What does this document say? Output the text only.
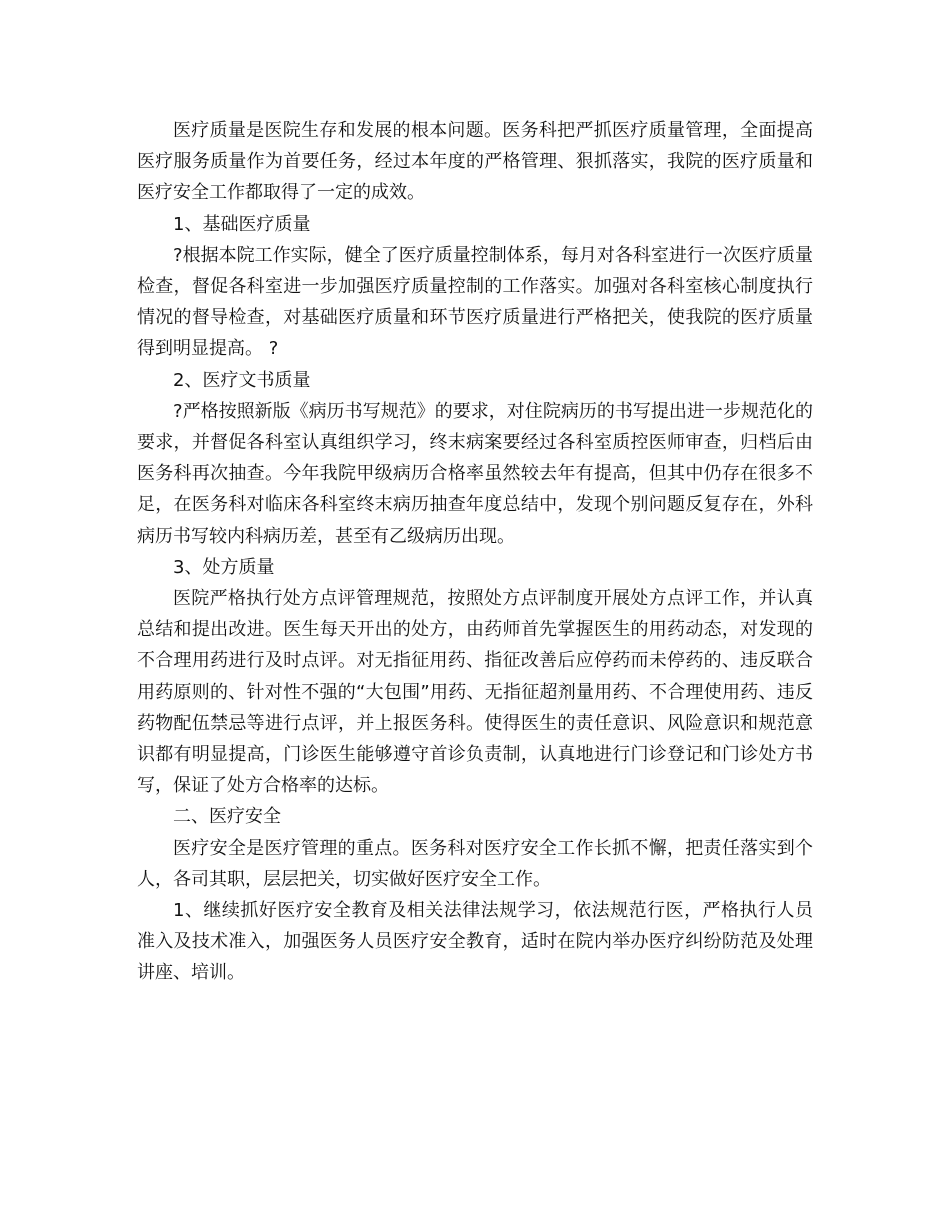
医疗质量是医院生存和发展的根本问题。医务科把严抓医疗质量管理，全面提高医疗服务质量作为首要任务，经过本年度的严格管理、狠抓落实，我院的医疗质量和医疗安全工作都取得了一定的成效。

1、基础医疗质量

?根据本院工作实际，健全了医疗质量控制体系，每月对各科室进行一次医疗质量检查，督促各科室进一步加强医疗质量控制的工作落实。加强对各科室核心制度执行情况的督导检查，对基础医疗质量和环节医疗质量进行严格把关，使我院的医疗质量得到明显提高。 ?

2、医疗文书质量

?严格按照新版《病历书写规范》的要求，对住院病历的书写提出进一步规范化的要求，并督促各科室认真组织学习，终末病案要经过各科室质控医师审查，归档后由医务科再次抽查。今年我院甲级病历合格率虽然较去年有提高，但其中仍存在很多不足，在医务科对临床各科室终末病历抽查年度总结中，发现个别问题反复存在，外科病历书写较内科病历差，甚至有乙级病历出现。

3、处方质量

医院严格执行处方点评管理规范，按照处方点评制度开展处方点评工作，并认真总结和提出改进。医生每天开出的处方，由药师首先掌握医生的用药动态，对发现的不合理用药进行及时点评。对无指征用药、指征改善后应停药而未停药的、违反联合用药原则的、针对性不强的“大包围”用药、无指征超剂量用药、不合理使用药、违反药物配伍禁忌等进行点评，并上报医务科。使得医生的责任意识、风险意识和规范意识都有明显提高，门诊医生能够遵守首诊负责制，认真地进行门诊登记和门诊处方书写，保证了处方合格率的达标。

二、医疗安全

医疗安全是医疗管理的重点。医务科对医疗安全工作长抓不懈，把责任落实到个人，各司其职，层层把关，切实做好医疗安全工作。

1、继续抓好医疗安全教育及相关法律法规学习，依法规范行医，严格执行人员准入及技术准入，加强医务人员医疗安全教育，适时在院内举办医疗纠纷防范及处理讲座、培训。
